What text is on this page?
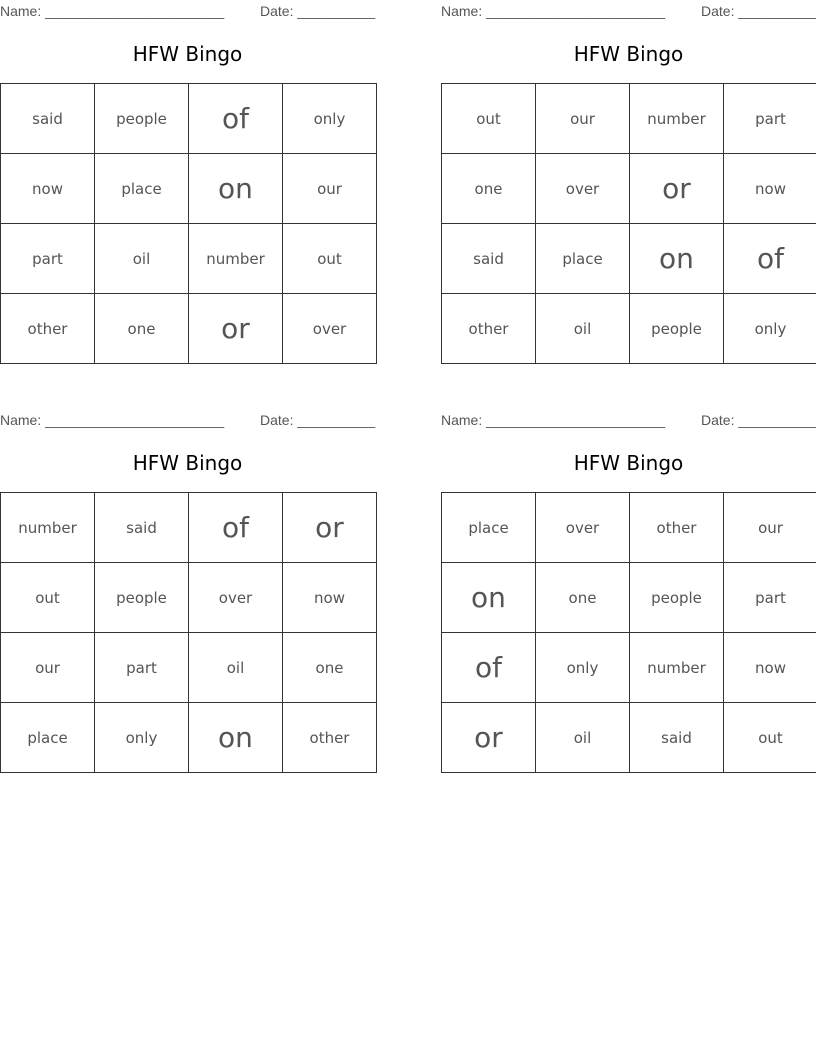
Name: _______________________	Date: __________
HFW Bingo
said	people	of	only
now	place	on	our
part	oil	number	out
other	one	or	over
Name: _______________________	Date: __________
HFW Bingo
out	our	number	part
one	over	or	now
said	place	on	of
other	oil	people	only
Name: _______________________	Date: __________
HFW Bingo
number	said	of	or
out	people	over	now
our	part	oil	one
place	only	on	other
Name: _______________________	Date: __________
HFW Bingo
place	over	other	our
on	one	people	part
of	only	number	now
or	oil	said	out
